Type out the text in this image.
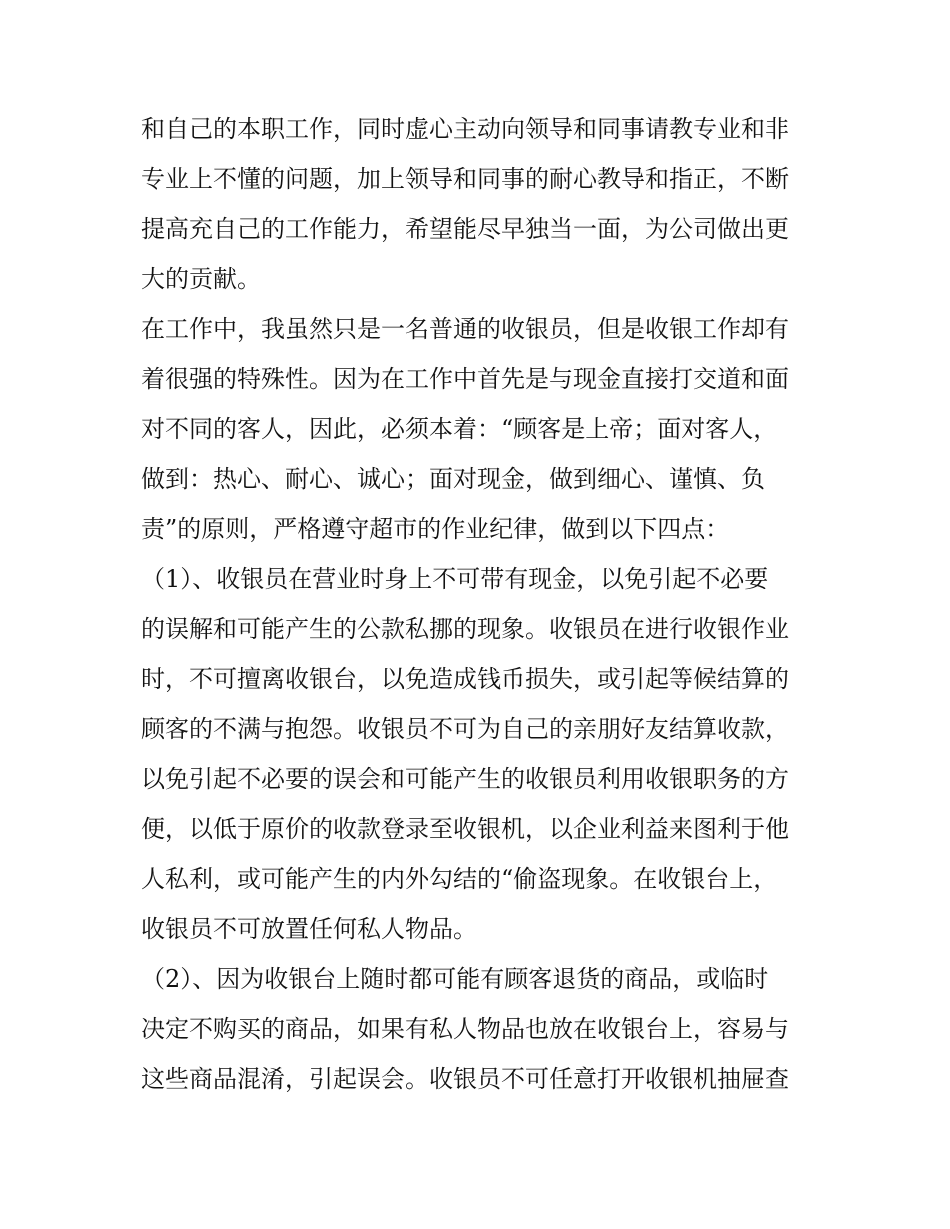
和自己的本职工作，同时虚心主动向领导和同事请教专业和非
专业上不懂的问题，加上领导和同事的耐心教导和指正，不断
提高充自己的工作能力，希望能尽早独当一面，为公司做出更
大的贡献。
在工作中，我虽然只是一名普通的收银员，但是收银工作却有
着很强的特殊性。因为在工作中首先是与现金直接打交道和面
对不同的客人，因此，必须本着：“顾客是上帝；面对客人，
做到：热心、耐心、诚心；面对现金，做到细心、谨慎、负
责”的原则，严格遵守超市的作业纪律，做到以下四点：
（1）、收银员在营业时身上不可带有现金，以免引起不必要
的误解和可能产生的公款私挪的现象。收银员在进行收银作业
时，不可擅离收银台，以免造成钱币损失，或引起等候结算的
顾客的不满与抱怨。收银员不可为自己的亲朋好友结算收款，
以免引起不必要的误会和可能产生的收银员利用收银职务的方
便，以低于原价的收款登录至收银机，以企业利益来图利于他
人私利，或可能产生的内外勾结的“偷盗现象。在收银台上，
收银员不可放置任何私人物品。
（2）、因为收银台上随时都可能有顾客退货的商品，或临时
决定不购买的商品，如果有私人物品也放在收银台上，容易与
这些商品混淆，引起误会。收银员不可任意打开收银机抽屉查
